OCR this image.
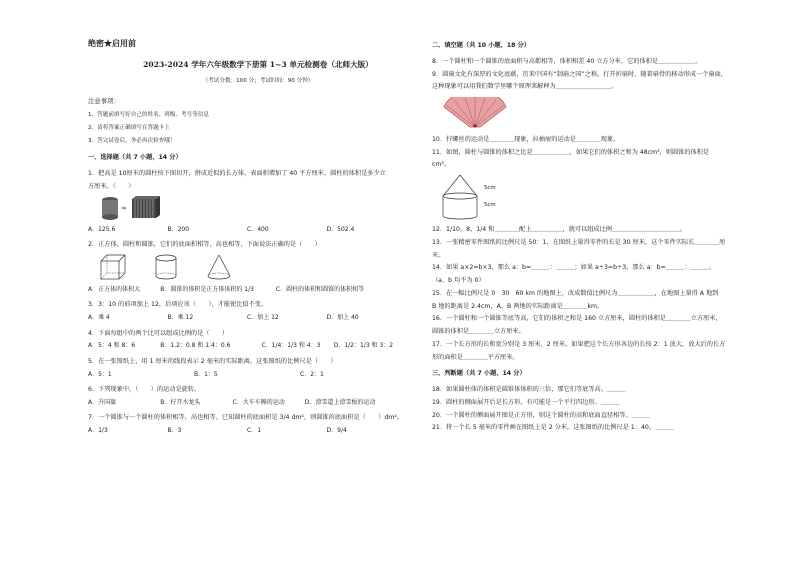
绝密★启用前
2023-2024 学年六年级数学下册第 1~3 单元检测卷（北师大版）
（考试分数：100 分；考试时间：90 分钟）
注意事项：
1．答题前填写好自己的姓名、班级、考号等信息
2．请将答案正确填写在答题卡上
3．答完试卷后，务必再次检查哦！
一、选择题（共 7 小题，14 分）
1．把高是 10厘米的圆柱按下图切开，拼成近似的长方体，表面积增加了 40 平方厘米，圆柱的体积是多少立
方厘米。（　　）
⇒
A．125.6	B．200	C．400	D．502.4
2．正方体、圆柱和圆锥，它们的底面积相等，高也相等，下面说法正确的是（　　）
A．正方体的体积大	B．圆锥的体积是正方体体积的 1/3	C．圆柱的体积和圆锥的体积相等
3．3：10 的前项加上 12，后项应该（　　），才能使比值不变。
A．乘 4	B．乘 12	C．加上 12	D．加上 40
4．下面每组中的两个比可以组成比例的是（　　）
A．5：4 和 8：6	B．1.2：0.8 和 1.4：0.6	C．1/4：1/3 和 4：3	D．1/2：1/3 和 3：2
5．在一张图纸上，用 1 厘米的线段表示 2 毫米的实际距离，这张图纸的比例尺是（　　）
A．5：1	B．1：5	C．2：1
6．下列现象中，（　　）的运动是旋转。
A．升国旗	B．拧开水龙头	C．火车车厢的运动	D．滑雪道上滑雪板的运动
7．一个圆锥与一个圆柱的体积相等，高也相等。已知圆柱的底面积是 3/4 dm²，则圆锥的底面积是（　　）dm²。
A．1/3	B．3	C．1	D．9/4
二、填空题（共 10 小题，18 分）
8．一个圆柱和一个圆锥的底面积与高都相等，体积相差 40 立方分米，它的体积是＿＿＿＿＿＿。
9．圆扇文化有深厚的文化底蕴，历来中国有“制扇之国”之称。打开折扇时，随着扇骨的移动形成一个扇面，
这种现象可以用我们数学里哪个原理来解释为＿＿＿＿＿＿＿＿＿。
10．拧螺丝的运动是＿＿＿＿现象，拉抽屉的运动是＿＿＿＿现象。
11．如图，圆柱与圆锥的体积之比是＿＿＿＿＿＿，如果它们的体积之和为 48cm³，则圆锥的体积是
cm³。
5cm
5cm
12．1/10，8，1/4 和＿＿＿＿配上＿＿＿＿＿，就可以组成比例＿＿＿＿＿＿＿＿＿＿＿。
13．一张精密零件图纸的比例尺是 50：1，在图纸上量得零件的长是 30 厘米，这个零件实际长＿＿＿＿厘
米。
14．如果 a×2=b×3，那么 a：b=＿＿＿：＿＿＿；如果 a÷3=b÷3，那么 a：b=＿＿＿：＿＿＿。
（a、b 均不为 0）
15．在一幅比例尺是 0　30　60 km 的地图上，改成数值比例尺为＿＿＿＿＿＿，在地图上量得 A 地到
B 地的距离是 2.4cm，A、B 两地的实际距离是＿＿＿＿km。
16．一个圆柱和一个圆锥等底等高，它们的体积之和是 160 立方厘米，圆柱的体积是＿＿＿＿立方厘米，
圆锥的体积是＿＿＿＿立方厘米。
17．一个长方形的长和宽分别是 3 厘米、2 厘米。如果把这个长方形各边的长按 2：1 放大，放大后的长方
形的面积是＿＿＿＿平方厘米。
三、判断题（共 7 小题，14 分）
18．如果圆柱体的体积是圆锥体体积的三倍，那它们等底等高。＿＿＿
19．圆柱的侧面展开后是长方形，有可能是一个平行四边形。＿＿＿
20．一个圆柱的侧面展开图是正方形，则这个圆柱的高和底面直径相等。＿＿＿
21．将一个长 5 毫米的零件画在图纸上是 2 分米，这张图纸的比例尺是 1：40。＿＿＿
